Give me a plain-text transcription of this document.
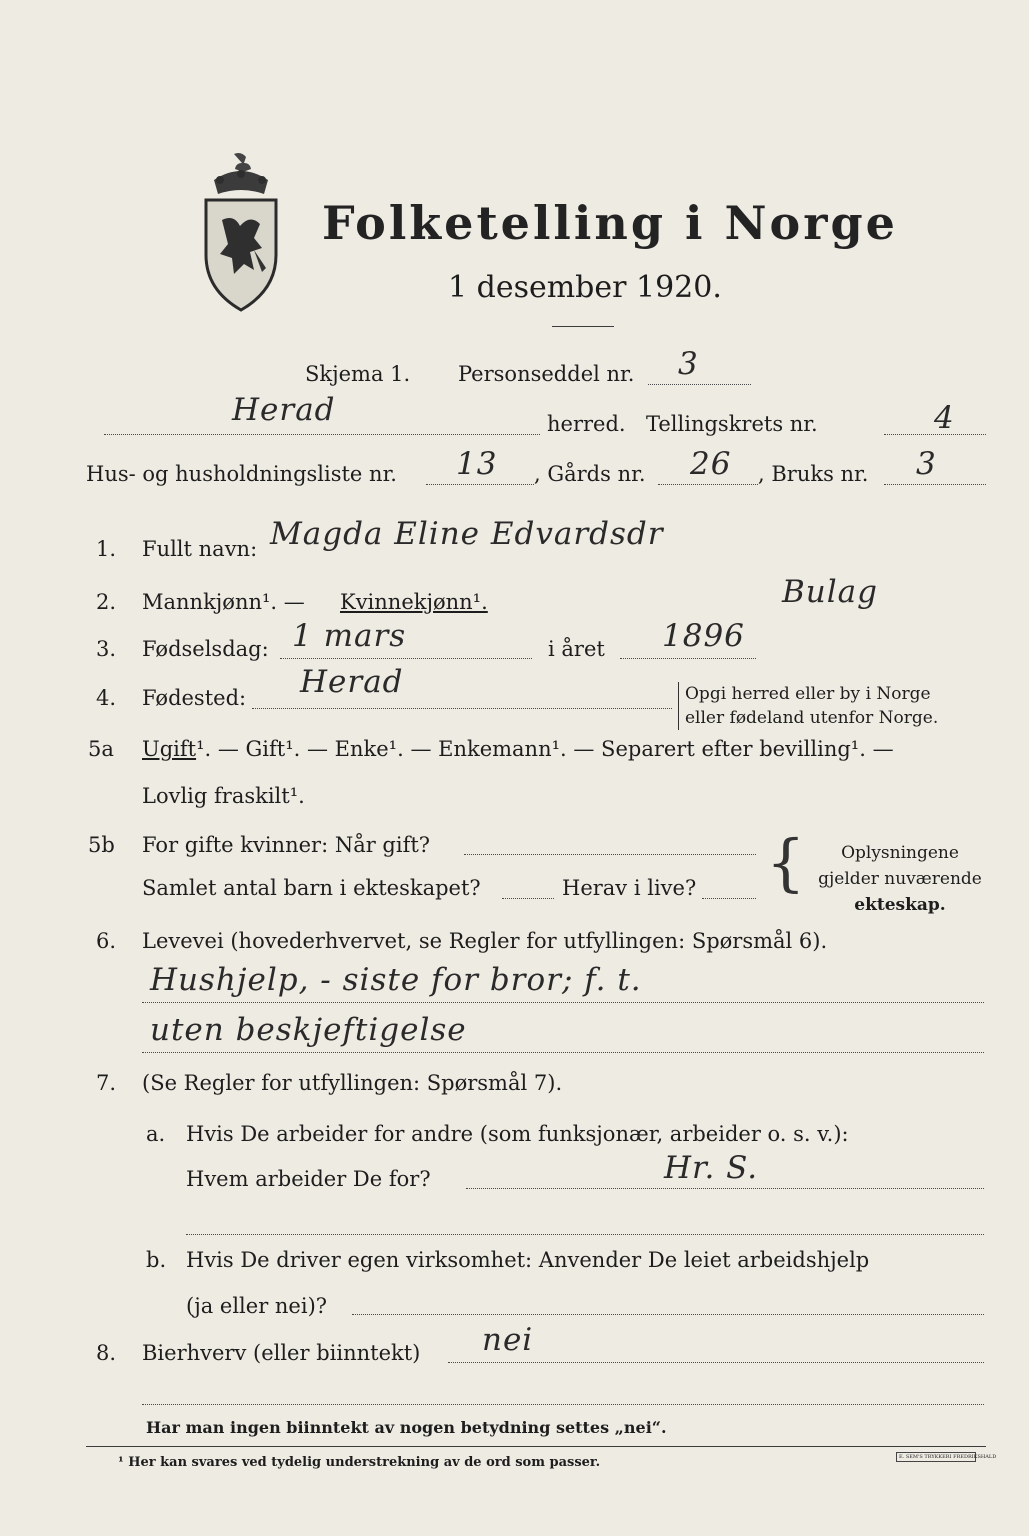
Folketelling i Norge
1 desember 1920.
Skjema 1. Personseddel nr. 3
Herad	herred. Tellingskrets nr.	4
Hus- og husholdningsliste nr. 13 , Gårds nr. 26 , Bruks nr. 3
1. Fullt navn: Magda Eline Edvardsdr
Bulag
2. Mannkjønn¹. — Kvinnekjønn¹.
3. Fødselsdag: 1 mars	i året 1896
4. Fødested: Herad	Opgi herred eller by i Norge
eller fødeland utenfor Norge.
5a Ugift¹. — Gift¹. — Enke¹. — Enkemann¹. — Separert efter bevilling¹. —
Lovlig fraskilt¹.
5b For gifte kvinner: Når gift?
Samlet antal barn i ekteskapet?	Herav i live? {	Oplysningene
gjelder nuværende
ekteskap.
6. Levevei (hovederhvervet, se Regler for utfyllingen: Spørsmål 6).
Hushjelp, - siste for bror; f. t.
uten beskjeftigelse
7. (Se Regler for utfyllingen: Spørsmål 7).
a. Hvis De arbeider for andre (som funksjonær, arbeider o. s. v.):
Hvem arbeider De for?	Hr. S.
b. Hvis De driver egen virksomhet: Anvender De leiet arbeidshjelp
(ja eller nei)?
8. Bierhverv (eller biinntekt) nei
Har man ingen biinntekt av nogen betydning settes „nei“.
¹ Her kan svares ved tydelig understrekning av de ord som passer.	E. SEM'S TRYKKERI FREDRIKSHALD
